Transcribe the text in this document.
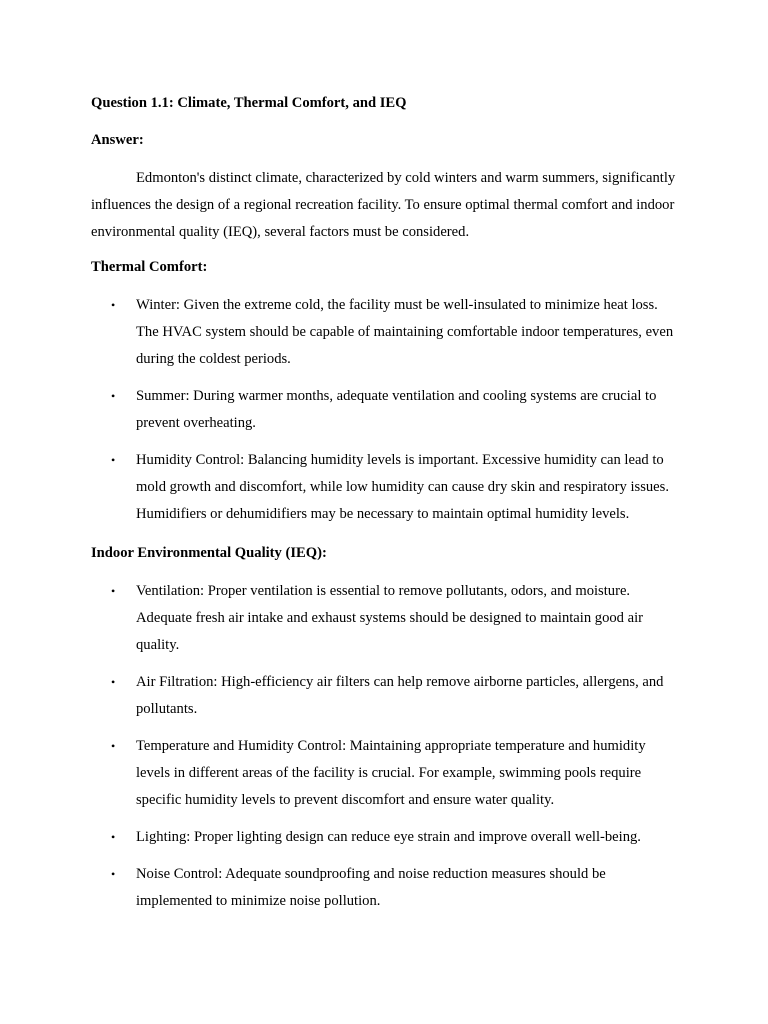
Question 1.1: Climate, Thermal Comfort, and IEQ
Answer:

Edmonton's distinct climate, characterized by cold winters and warm summers, significantly influences the design of a regional recreation facility. To ensure optimal thermal comfort and indoor environmental quality (IEQ), several factors must be considered.

Thermal Comfort:
• Winter: Given the extreme cold, the facility must be well-insulated to minimize heat loss. The HVAC system should be capable of maintaining comfortable indoor temperatures, even during the coldest periods.
• Summer: During warmer months, adequate ventilation and cooling systems are crucial to prevent overheating.
• Humidity Control: Balancing humidity levels is important. Excessive humidity can lead to mold growth and discomfort, while low humidity can cause dry skin and respiratory issues. Humidifiers or dehumidifiers may be necessary to maintain optimal humidity levels.
Indoor Environmental Quality (IEQ):
• Ventilation: Proper ventilation is essential to remove pollutants, odors, and moisture. Adequate fresh air intake and exhaust systems should be designed to maintain good air quality.
• Air Filtration: High-efficiency air filters can help remove airborne particles, allergens, and pollutants.
• Temperature and Humidity Control: Maintaining appropriate temperature and humidity levels in different areas of the facility is crucial. For example, swimming pools require specific humidity levels to prevent discomfort and ensure water quality.
• Lighting: Proper lighting design can reduce eye strain and improve overall well-being.
• Noise Control: Adequate soundproofing and noise reduction measures should be implemented to minimize noise pollution.
